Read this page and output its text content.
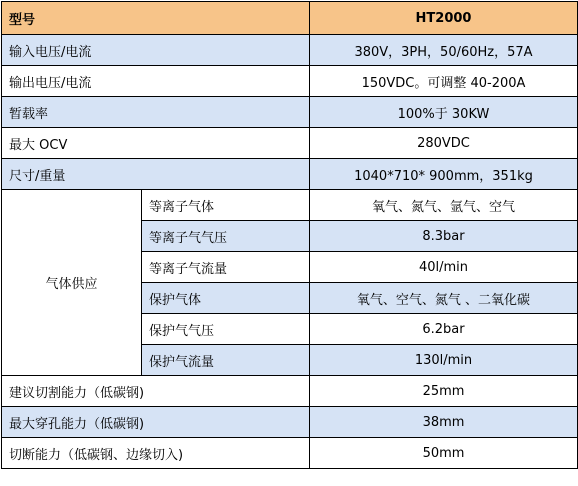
型号		HT2000
输入电压/电流		380V，3PH，50/60Hz，57A
输出电压/电流		150VDC。可调整 40-200A
暂载率		100%于 30KW
最大 OCV		280VDC
尺寸/重量		1040*710* 900mm，351kg
气体供应	等离子气体	氧气、氮气、氩气、空气
	等离子气气压	8.3bar
	等离子气流量	40l/min
	保护气体	氧气、空气、氮气 、二氧化碳
	保护气气压	6.2bar
	保护气流量	130l/min
建议切割能力（低碳钢)		25mm
最大穿孔能力（低碳钢)		38mm
切断能力（低碳钢、边缘切入)		50mm
